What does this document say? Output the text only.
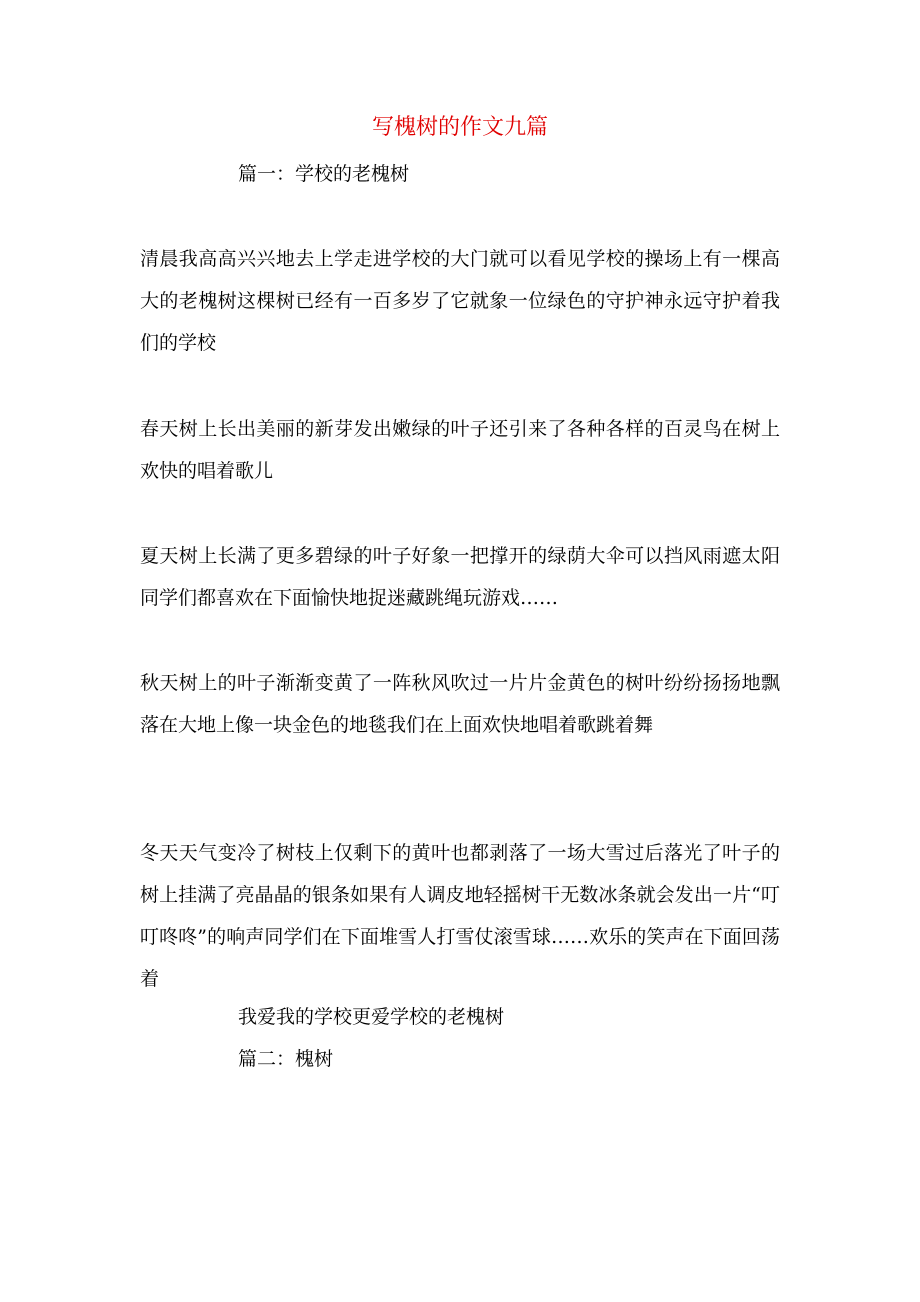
写槐树的作文九篇

篇一：学校的老槐树

清晨我高高兴兴地去上学走进学校的大门就可以看见学校的操场上有一棵高大的老槐树这棵树已经有一百多岁了它就象一位绿色的守护神永远守护着我们的学校

春天树上长出美丽的新芽发出嫩绿的叶子还引来了各种各样的百灵鸟在树上欢快的唱着歌儿

夏天树上长满了更多碧绿的叶子好象一把撑开的绿荫大伞可以挡风雨遮太阳同学们都喜欢在下面愉快地捉迷藏跳绳玩游戏……

秋天树上的叶子渐渐变黄了一阵秋风吹过一片片金黄色的树叶纷纷扬扬地飘落在大地上像一块金色的地毯我们在上面欢快地唱着歌跳着舞

冬天天气变冷了树枝上仅剩下的黄叶也都剥落了一场大雪过后落光了叶子的树上挂满了亮晶晶的银条如果有人调皮地轻摇树干无数冰条就会发出一片“叮叮咚咚”的响声同学们在下面堆雪人打雪仗滚雪球……欢乐的笑声在下面回荡着

我爱我的学校更爱学校的老槐树

篇二：槐树
